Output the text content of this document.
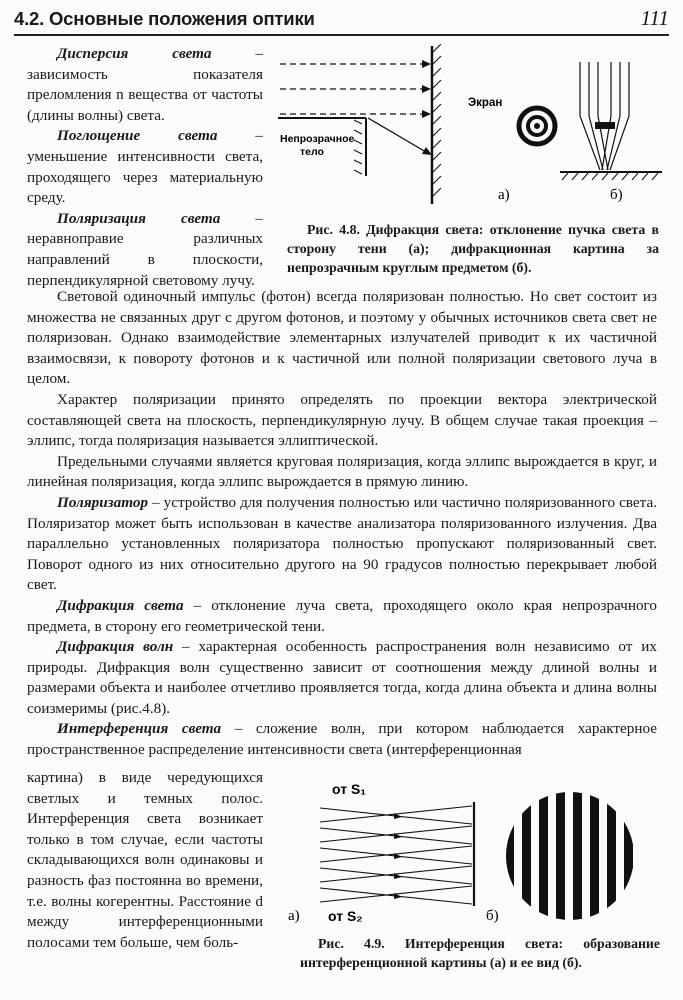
4.2. Основные положения оптики	111

Дисперсия света – зависимость показателя преломления n вещества от частоты (длины волны) света.

Поглощение света – уменьшение интенсивности света, проходящего через материальную среду.

Поляризация света – неравноправие различных направлений в плоскости, перпендикулярной световому лучу.

Экран
Непрозрачное
тело
а)	б)
Рис. 4.8. Дифракция света: отклонение пучка света в сторону тени (а); дифракционная картина за непрозрачным круглым предметом (б).

Световой одиночный импульс (фотон) всегда поляризован полностью. Но свет состоит из множества не связанных друг с другом фотонов, и поэтому у обычных источников света свет не поляризован. Однако взаимодействие элементарных излучателей приводит к их частичной взаимосвязи, к повороту фотонов и к частичной или полной поляризации светового луча в целом.

Характер поляризации принято определять по проекции вектора электрической составляющей света на плоскость, перпендикулярную лучу. В общем случае такая проекция – эллипс, тогда поляризация называется эллиптической.

Предельными случаями является круговая поляризация, когда эллипс вырождается в круг, и линейная поляризация, когда эллипс вырождается в прямую линию.

Поляризатор – устройство для получения полностью или частично поляризованного света. Поляризатор может быть использован в качестве анализатора поляризованного излучения. Два параллельно установленных поляризатора полностью пропускают поляризованный свет. Поворот одного из них относительно другого на 90 градусов полностью перекрывает любой свет.

Дифракция света – отклонение луча света, проходящего около края непрозрачного предмета, в сторону его геометрической тени.

Дифракция волн – характерная особенность распространения волн независимо от их природы. Дифракция волн существенно зависит от соотношения между длиной волны и размерами объекта и наиболее отчетливо проявляется тогда, когда длина объекта и длина волны соизмеримы (рис.4.8).

Интерференция света – сложение волн, при котором наблюдается характерное пространственное распределение интенсивности света (интерференционная

картина) в виде чередующихся светлых и темных полос. Интерференция света возникает только в том случае, если частоты складывающихся волн одинаковы и разность фаз постоянна во времени, т.е. волны когерентны. Расстояние d между интерференционными полосами тем больше, чем боль-

от S₁
от S₂
а)	б)
Рис. 4.9. Интерференция света: образование интерференционной картины (а) и ее вид (б).
